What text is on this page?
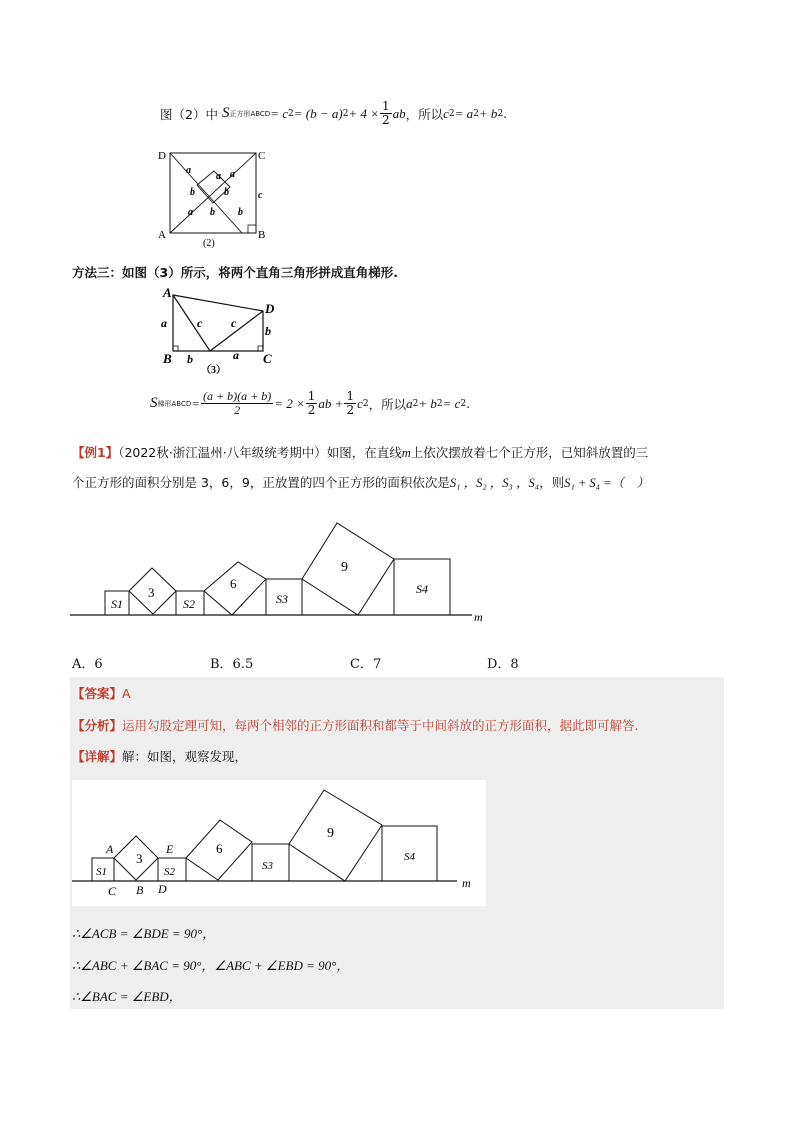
图（2）中 S 正方形ABCD = c 2 = (b − a) $2 + 4 \times \frac{1}{2}$ ab ，所以 c 2 = a 2 + b 2 .
D	C
A	B
a	a
a
a
b	b
b b
c
(2)
方法三：如图（3）所示，将两个直角三角形拼成直角梯形.
A
D
B	C
a	c c
b
b	a
（3）
S 梯形ABCD = $\frac{(a + b)(a + b)}{2} = 2 \times \frac{1}{2}$ ab + $\frac{1}{2}$ c 2 ，所以 a 2 + b 2 = c 2 .
【例1】（2022秋·浙江温州·八年级统考期中）如图，在直线m上依次摆放着七个正方形，已知斜放置的三
个正方形的面积分别是 3，6，9，正放置的四个正方形的面积依次是S₁ ，S₂ ，S₃ ，S₄，则S₁ + S₄ =（　）
S1
3
S2
6
S3
9
S4
m
A．6	B．6.5	C．7	D．8
【答案】A
【分析】运用勾股定理可知，每两个相邻的正方形面积和都等于中间斜放的正方形面积，据此即可解答.
【详解】解：如图，观察发现，
S1
3
S2
6
S3
9
S4
A
C B D
E
m
∴∠ACB = ∠BDE = 90°，
∴∠ABC + ∠BAC = 90°，∠ABC + ∠EBD = 90°，
∴∠BAC = ∠EBD，
